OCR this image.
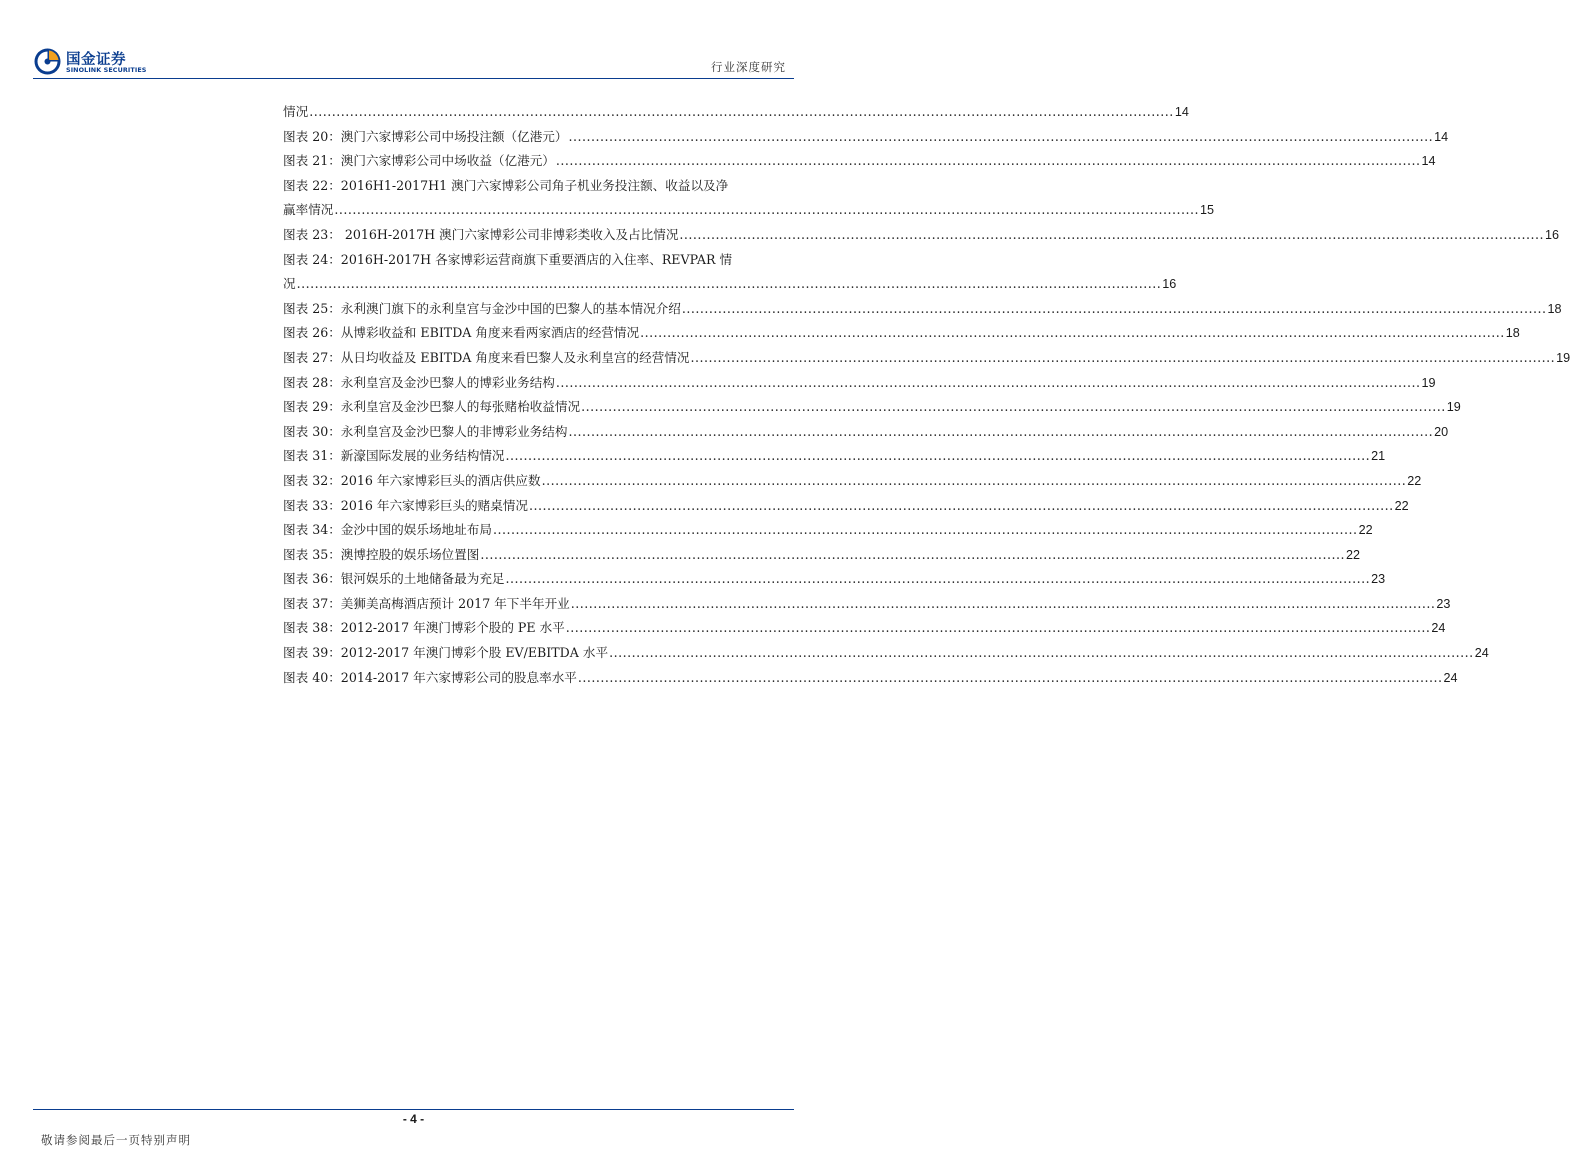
国金证券
SINOLINK SECURITIES	行业深度研究
情况 .....	14
图表 20：澳门六家博彩公司中场投注额（亿港元） .....	14
图表 21：澳门六家博彩公司中场收益（亿港元） .....	14
图表 22：2016H1-2017H1 澳门六家博彩公司角子机业务投注额、收益以及净
赢率情况 .....	15
图表 23： 2016H-2017H 澳门六家博彩公司非博彩类收入及占比情况 .....	16
图表 24：2016H-2017H 各家博彩运营商旗下重要酒店的入住率、REVPAR 情
况 .....	16
图表 25：永利澳门旗下的永利皇宫与金沙中国的巴黎人的基本情况介绍 .....	18
图表 26：从博彩收益和 EBITDA 角度来看两家酒店的经营情况 .....	18
图表 27：从日均收益及 EBITDA 角度来看巴黎人及永利皇宫的经营情况 .....	19
图表 28：永利皇宫及金沙巴黎人的博彩业务结构 .....	19
图表 29：永利皇宫及金沙巴黎人的每张赌枱收益情况 .....	19
图表 30：永利皇宫及金沙巴黎人的非博彩业务结构 .....	20
图表 31：新濠国际发展的业务结构情况 .....	21
图表 32：2016 年六家博彩巨头的酒店供应数 .....	22
图表 33：2016 年六家博彩巨头的赌桌情况 .....	22
图表 34：金沙中国的娱乐场地址布局 .....	22
图表 35：澳博控股的娱乐场位置图 .....	22
图表 36：银河娱乐的土地储备最为充足 .....	23
图表 37：美狮美高梅酒店预计 2017 年下半年开业 .....	23
图表 38：2012-2017 年澳门博彩个股的 PE 水平 .....	24
图表 39：2012-2017 年澳门博彩个股 EV/EBITDA 水平 .....	24
图表 40：2014-2017 年六家博彩公司的股息率水平 .....	24
- 4 -
敬请参阅最后一页特别声明
